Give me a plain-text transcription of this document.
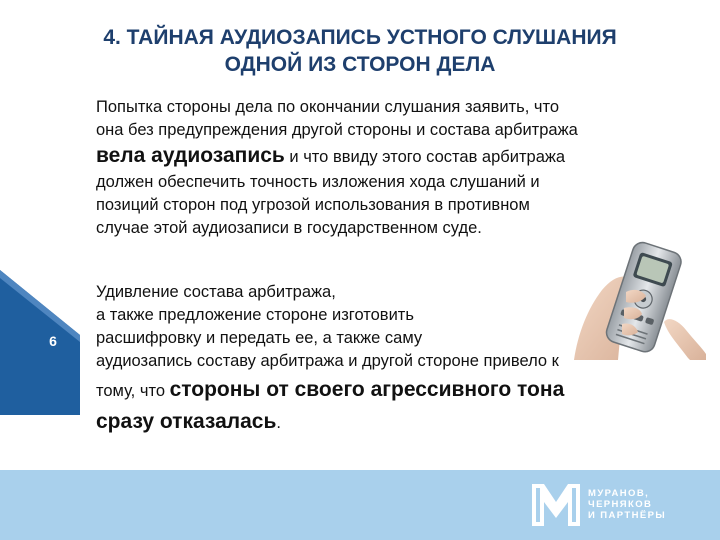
4. ТАЙНАЯ АУДИОЗАПИСЬ УСТНОГО СЛУШАНИЯ
ОДНОЙ ИЗ СТОРОН ДЕЛА
Попытка стороны дела по окончании слушания заявить, что
она без предупреждения другой стороны и состава арбитража
вела аудиозапись и что ввиду этого состав арбитража
должен обеспечить точность изложения хода слушаний и
позиций сторон под угрозой использования в противном
случае этой аудиозаписи в государственном суде.
6
Удивление состава арбитража,
а также предложение стороне изготовить
расшифровку и передать ее, а также саму
аудиозапись составу арбитража и другой стороне привело к
тому, что стороны от своего агрессивного тона
сразу отказалась.
МУРАНОВ,
ЧЕРНЯКОВ
И ПАРТНЁРЫ
